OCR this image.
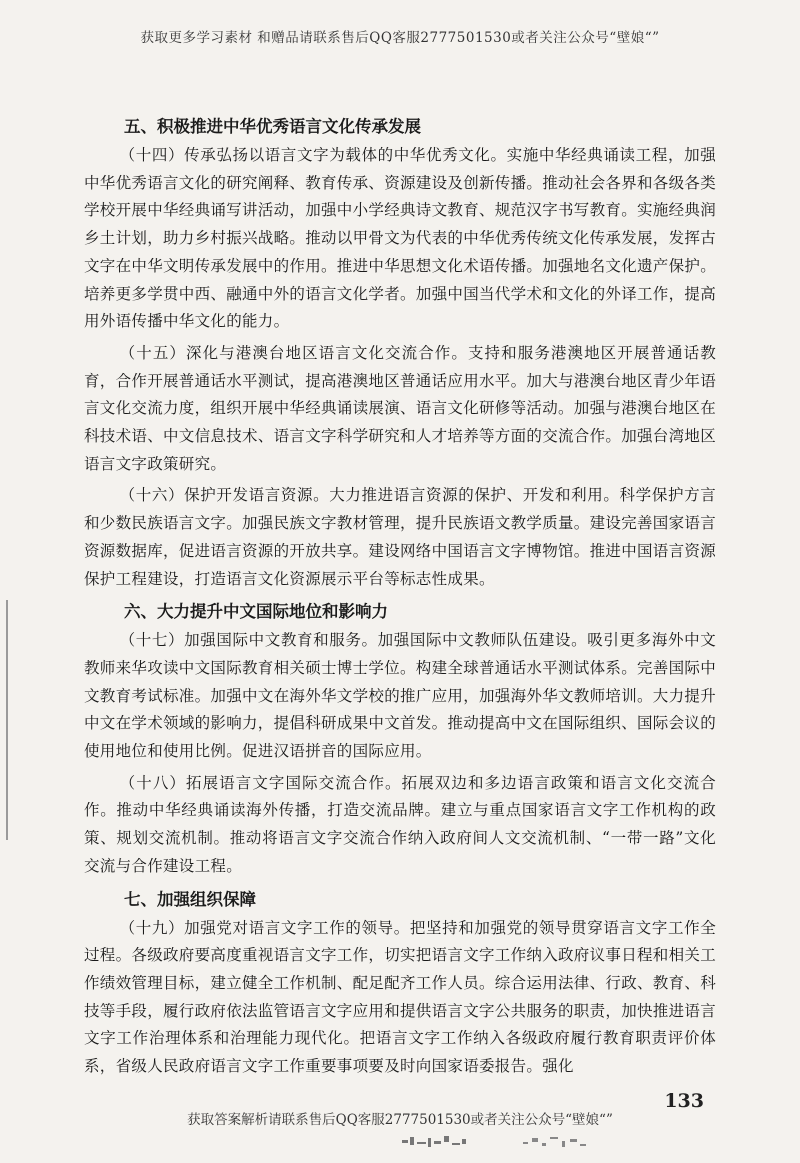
获取更多学习素材 和赠品请联系售后QQ客服2777501530或者关注公众号“壁娘“”

五、积极推进中华优秀语言文化传承发展

（十四）传承弘扬以语言文字为载体的中华优秀文化。实施中华经典诵读工程，加强中华优秀语言文化的研究阐释、教育传承、资源建设及创新传播。推动社会各界和各级各类学校开展中华经典诵写讲活动，加强中小学经典诗文教育、规范汉字书写教育。实施经典润乡土计划，助力乡村振兴战略。推动以甲骨文为代表的中华优秀传统文化传承发展，发挥古文字在中华文明传承发展中的作用。推进中华思想文化术语传播。加强地名文化遗产保护。培养更多学贯中西、融通中外的语言文化学者。加强中国当代学术和文化的外译工作，提高用外语传播中华文化的能力。

（十五）深化与港澳台地区语言文化交流合作。支持和服务港澳地区开展普通话教育，合作开展普通话水平测试，提高港澳地区普通话应用水平。加大与港澳台地区青少年语言文化交流力度，组织开展中华经典诵读展演、语言文化研修等活动。加强与港澳台地区在科技术语、中文信息技术、语言文字科学研究和人才培养等方面的交流合作。加强台湾地区语言文字政策研究。

（十六）保护开发语言资源。大力推进语言资源的保护、开发和利用。科学保护方言和少数民族语言文字。加强民族文字教材管理，提升民族语文教学质量。建设完善国家语言资源数据库，促进语言资源的开放共享。建设网络中国语言文字博物馆。推进中国语言资源保护工程建设，打造语言文化资源展示平台等标志性成果。

六、大力提升中文国际地位和影响力

（十七）加强国际中文教育和服务。加强国际中文教师队伍建设。吸引更多海外中文教师来华攻读中文国际教育相关硕士博士学位。构建全球普通话水平测试体系。完善国际中文教育考试标准。加强中文在海外华文学校的推广应用，加强海外华文教师培训。大力提升中文在学术领域的影响力，提倡科研成果中文首发。推动提高中文在国际组织、国际会议的使用地位和使用比例。促进汉语拼音的国际应用。

（十八）拓展语言文字国际交流合作。拓展双边和多边语言政策和语言文化交流合作。推动中华经典诵读海外传播，打造交流品牌。建立与重点国家语言文字工作机构的政策、规划交流机制。推动将语言文字交流合作纳入政府间人文交流机制、“一带一路”文化交流与合作建设工程。

七、加强组织保障

（十九）加强党对语言文字工作的领导。把坚持和加强党的领导贯穿语言文字工作全过程。各级政府要高度重视语言文字工作，切实把语言文字工作纳入政府议事日程和相关工作绩效管理目标，建立健全工作机制、配足配齐工作人员。综合运用法律、行政、教育、科技等手段，履行政府依法监管语言文字应用和提供语言文字公共服务的职责，加快推进语言文字工作治理体系和治理能力现代化。把语言文字工作纳入各级政府履行教育职责评价体系，省级人民政府语言文字工作重要事项要及时向国家语委报告。强化

133
获取答案解析请联系售后QQ客服2777501530或者关注公众号“壁娘“”
